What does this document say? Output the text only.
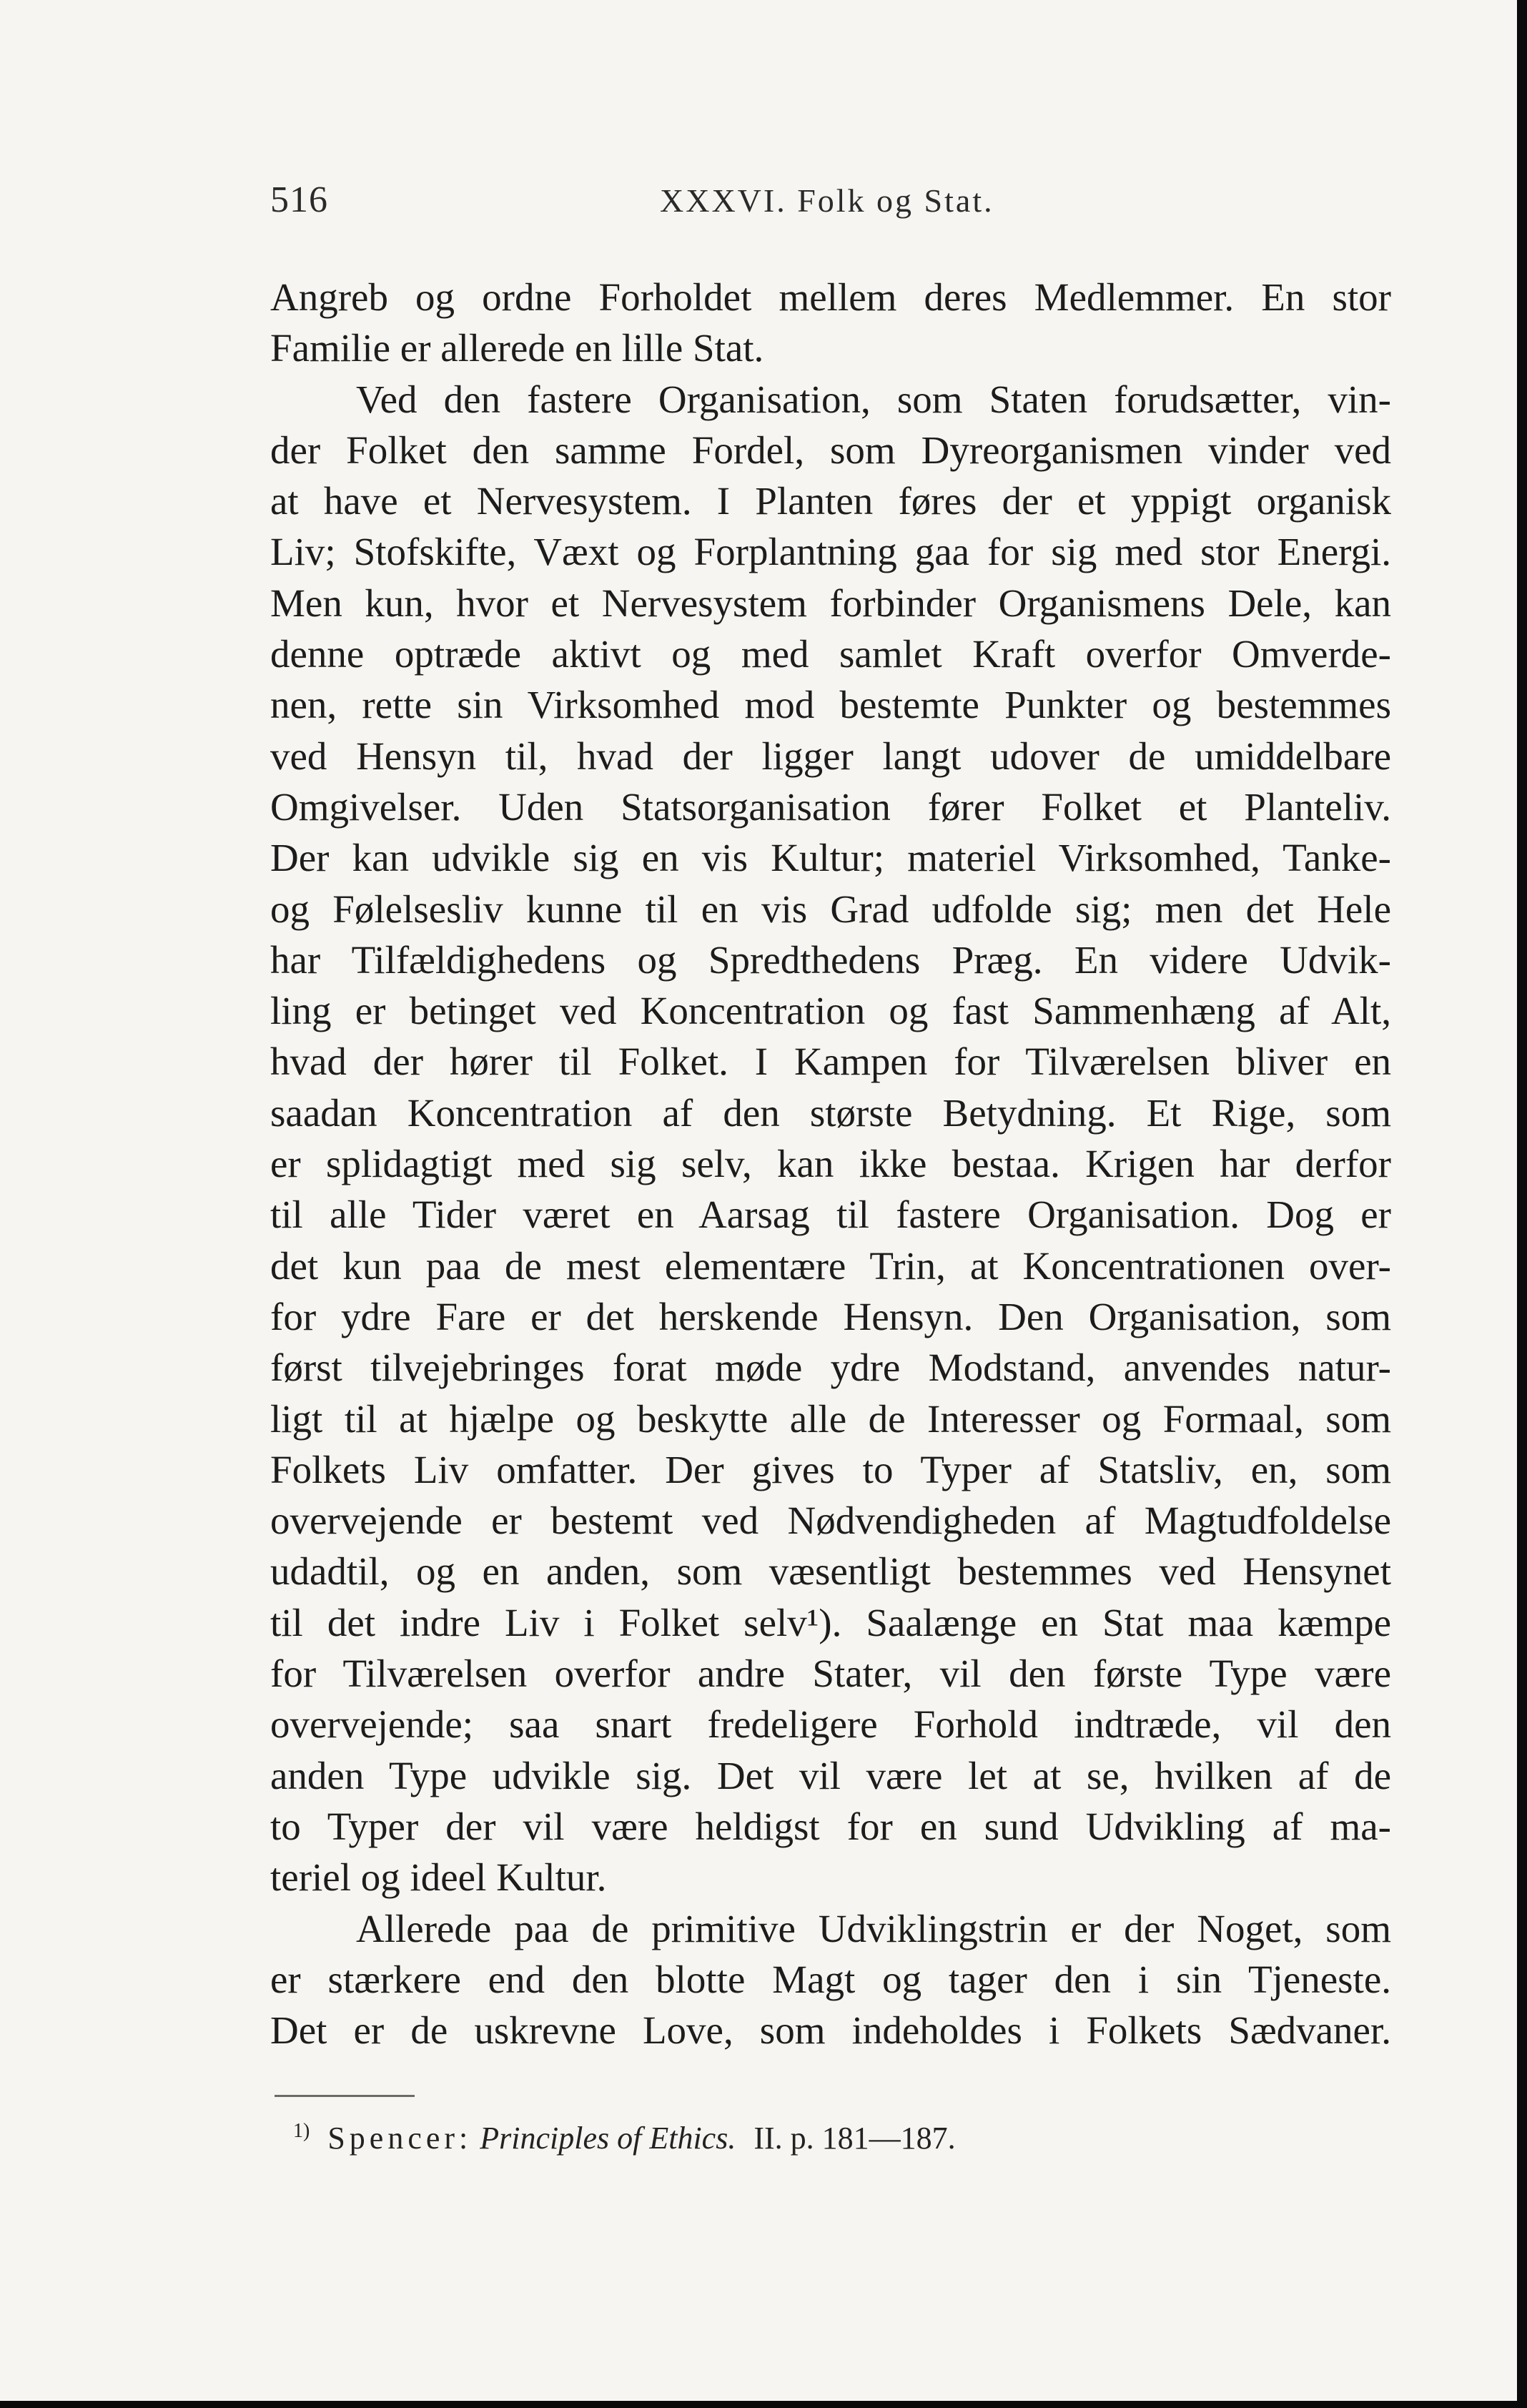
516	XXXVI. Folk og Stat.
Angreb og ordne Forholdet mellem deres Medlemmer. En stor
Familie er allerede en lille Stat.
Ved den fastere Organisation, som Staten forudsætter, vin-
der Folket den samme Fordel, som Dyreorganismen vinder ved
at have et Nervesystem. I Planten føres der et yppigt organisk
Liv; Stofskifte, Væxt og Forplantning gaa for sig med stor Energi.
Men kun, hvor et Nervesystem forbinder Organismens Dele, kan
denne optræde aktivt og med samlet Kraft overfor Omverde-
nen, rette sin Virksomhed mod bestemte Punkter og bestemmes
ved Hensyn til, hvad der ligger langt udover de umiddelbare
Omgivelser. Uden Statsorganisation fører Folket et Planteliv.
Der kan udvikle sig en vis Kultur; materiel Virksomhed, Tanke-
og Følelsesliv kunne til en vis Grad udfolde sig; men det Hele
har Tilfældighedens og Spredthedens Præg. En videre Udvik-
ling er betinget ved Koncentration og fast Sammenhæng af Alt,
hvad der hører til Folket. I Kampen for Tilværelsen bliver en
saadan Koncentration af den største Betydning. Et Rige, som
er splidagtigt med sig selv, kan ikke bestaa. Krigen har derfor
til alle Tider været en Aarsag til fastere Organisation. Dog er
det kun paa de mest elementære Trin, at Koncentrationen over-
for ydre Fare er det herskende Hensyn. Den Organisation, som
først tilvejebringes forat møde ydre Modstand, anvendes natur-
ligt til at hjælpe og beskytte alle de Interesser og Formaal, som
Folkets Liv omfatter. Der gives to Typer af Statsliv, en, som
overvejende er bestemt ved Nødvendigheden af Magtudfoldelse
udadtil, og en anden, som væsentligt bestemmes ved Hensynet
til det indre Liv i Folket selv¹). Saalænge en Stat maa kæmpe
for Tilværelsen overfor andre Stater, vil den første Type være
overvejende; saa snart fredeligere Forhold indtræde, vil den
anden Type udvikle sig. Det vil være let at se, hvilken af de
to Typer der vil være heldigst for en sund Udvikling af ma-
teriel og ideel Kultur.
Allerede paa de primitive Udviklingstrin er der Noget, som
er stærkere end den blotte Magt og tager den i sin Tjeneste.
Det er de uskrevne Love, som indeholdes i Folkets Sædvaner.
$^{1)}$ Spencer: Principles of Ethics. II. p. 181—187.
